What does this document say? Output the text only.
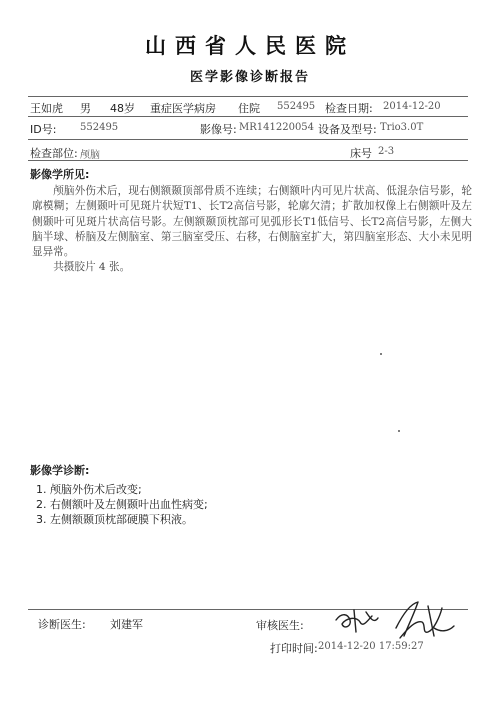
山西省人民医院
医学影像诊断报告
王如虎 男 48岁 重症医学病房 住院 552495 检查日期: 2014-12-20
ID号: 552495	影像号: MR141220054 设备及型号: Trio3.0T
检查部位: 颅脑	床号 2-3
影像学所见:

颅脑外伤术后，现右侧额颞顶部骨质不连续；右侧额叶内可见片状高、低混杂信号影，轮廓模糊；左侧颞叶可见斑片状短T1、长T2高信号影，轮廓欠清；扩散加权像上右侧额叶及左侧颞叶可见斑片状高信号影。左侧额颞顶枕部可见弧形长T1低信号、长T2高信号影，左侧大脑半球、桥脑及左侧脑室、第三脑室受压、右移，右侧脑室扩大，第四脑室形态、大小未见明显异常。

共摄胶片 4 张。

影像学诊断:
1. 颅脑外伤术后改变;
2. 右侧额叶及左侧颞叶出血性病变;
3. 左侧额颞顶枕部硬膜下积液。
诊断医生: 刘建军	审核医生:
打印时间: 2014-12-20 17:59:27
